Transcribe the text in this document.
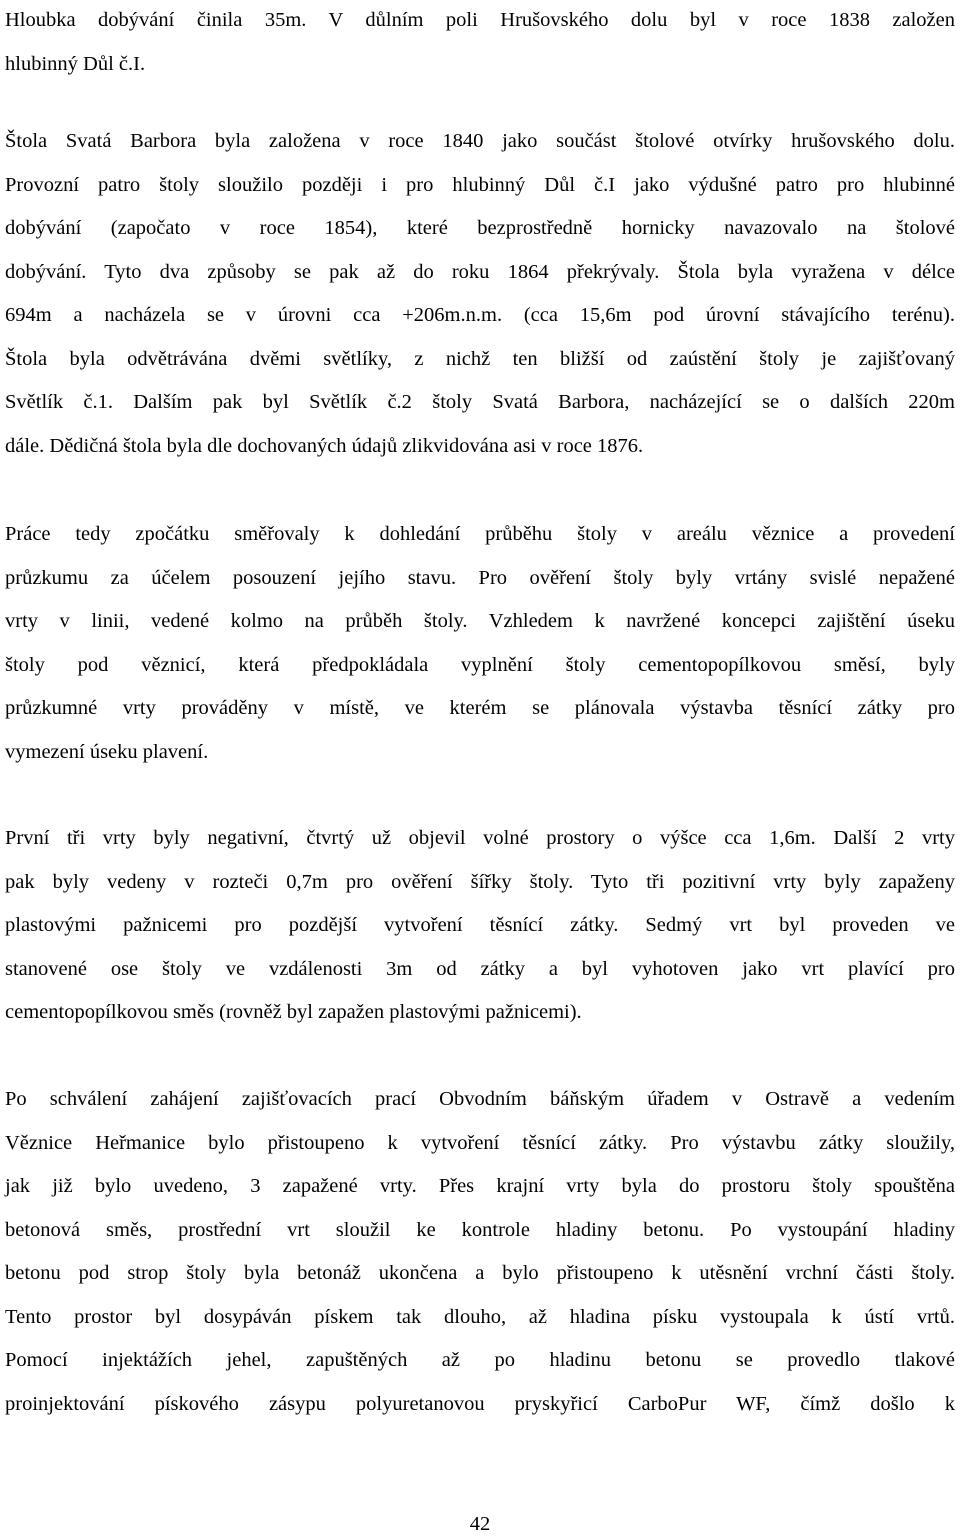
Hloubka dobývání činila 35m. V důlním poli Hrušovského dolu byl v roce 1838 založen
hlubinný Důl č.I.
Štola Svatá Barbora byla založena v roce 1840 jako součást štolové otvírky hrušovského dolu.
Provozní patro štoly sloužilo později i pro hlubinný Důl č.I jako výdušné patro pro hlubinné
dobývání (započato v roce 1854), které bezprostředně hornicky navazovalo na štolové
dobývání. Tyto dva způsoby se pak až do roku 1864 překrývaly. Štola byla vyražena v délce
694m a nacházela se v úrovni cca +206m.n.m. (cca 15,6m pod úrovní stávajícího terénu).
Štola byla odvětrávána dvěmi světlíky, z nichž ten bližší od zaústění štoly je zajišťovaný
Světlík č.1. Dalším pak byl Světlík č.2 štoly Svatá Barbora, nacházející se o dalších 220m
dále. Dědičná štola byla dle dochovaných údajů zlikvidována asi v roce 1876.
Práce tedy zpočátku směřovaly k dohledání průběhu štoly v areálu věznice a provedení
průzkumu za účelem posouzení jejího stavu. Pro ověření štoly byly vrtány svislé nepažené
vrty v linii, vedené kolmo na průběh štoly. Vzhledem k navržené koncepci zajištění úseku
štoly pod věznicí, která předpokládala vyplnění štoly cementopopílkovou směsí, byly
průzkumné vrty prováděny v místě, ve kterém se plánovala výstavba těsnící zátky pro
vymezení úseku plavení.
První tři vrty byly negativní, čtvrtý už objevil volné prostory o výšce cca 1,6m. Další 2 vrty
pak byly vedeny v rozteči 0,7m pro ověření šířky štoly. Tyto tři pozitivní vrty byly zapaženy
plastovými pažnicemi pro pozdější vytvoření těsnící zátky. Sedmý vrt byl proveden ve
stanovené ose štoly ve vzdálenosti 3m od zátky a byl vyhotoven jako vrt plavící pro
cementopopílkovou směs (rovněž byl zapažen plastovými pažnicemi).
Po schválení zahájení zajišťovacích prací Obvodním báňským úřadem v Ostravě a vedením
Věznice Heřmanice bylo přistoupeno k vytvoření těsnící zátky. Pro výstavbu zátky sloužily,
jak již bylo uvedeno, 3 zapažené vrty. Přes krajní vrty byla do prostoru štoly spouštěna
betonová směs, prostřední vrt sloužil ke kontrole hladiny betonu. Po vystoupání hladiny
betonu pod strop štoly byla betonáž ukončena a bylo přistoupeno k utěsnění vrchní části štoly.
Tento prostor byl dosypáván pískem tak dlouho, až hladina písku vystoupala k ústí vrtů.
Pomocí injektážích jehel, zapuštěných až po hladinu betonu se provedlo tlakové
proinjektování pískového zásypu polyuretanovou pryskyřicí CarboPur WF, čímž došlo k
42
